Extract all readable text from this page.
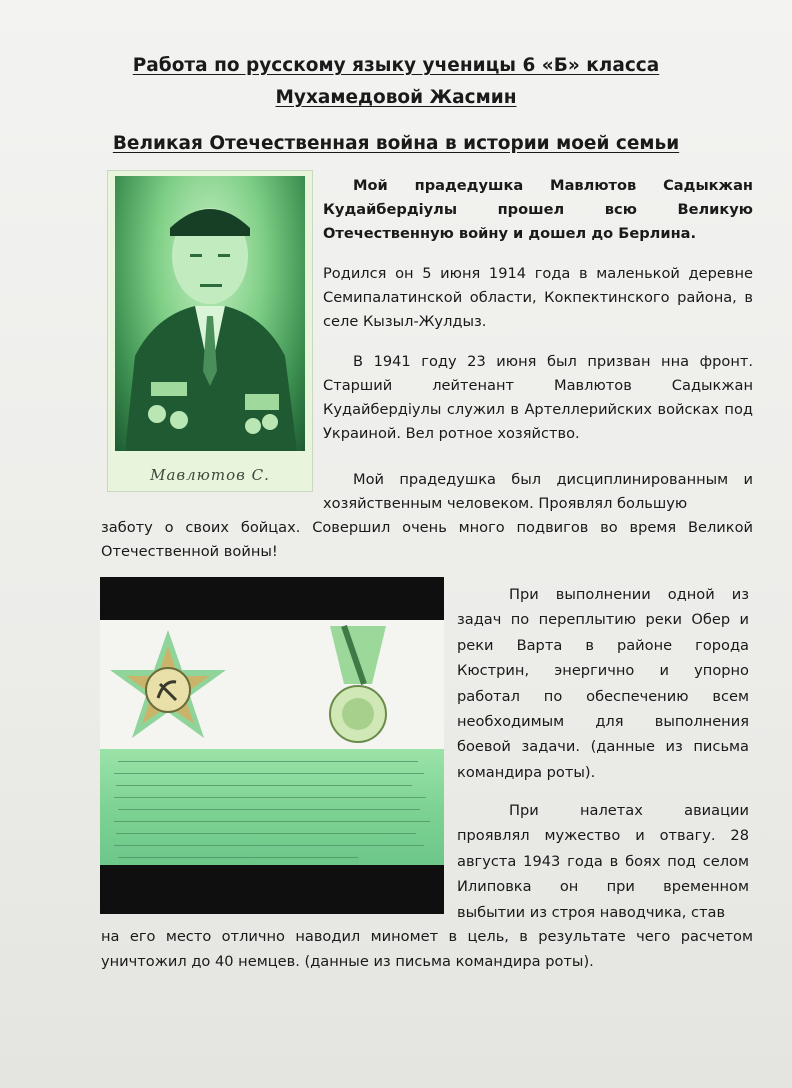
Работа по русскому языку ученицы 6 «Б» класса
Мухамедовой Жасмин
Великая Отечественная война в истории моей семьи
Мавлютов С.
Мой прадедушка Мавлютов Садыкжан Кудайбердіулы прошел всю Великую Отечественную войну и дошел до Берлина.
Родился он 5 июня 1914 года в маленькой деревне Семипалатинской области, Кокпектинского района, в селе Кызыл-Жулдыз.
В 1941 году 23 июня был призван нна фронт. Старший лейтенант Мавлютов Садыкжан Кудайбердіулы служил в Артеллерийских войсках под Украиной. Вел ротное хозяйство.
Мой прадедушка был дисциплинированным и хозяйственным человеком. Проявлял большую
заботу о своих бойцах. Совершил очень много подвигов во время Великой Отечественной войны!
При выполнении одной из задач по переплытию реки Обер и реки Варта в районе города Кюстрин, энергично и упорно работал по обеспечению всем необходимым для выполнения боевой задачи. (данные из письма командира роты).
При налетах авиации проявлял мужество и отвагу. 28 августа 1943 года в боях под селом Илиповка он при временном выбытии из строя наводчика, став
на его место отлично наводил миномет в цель, в результате чего расчетом уничтожил до 40 немцев. (данные из письма командира роты).
